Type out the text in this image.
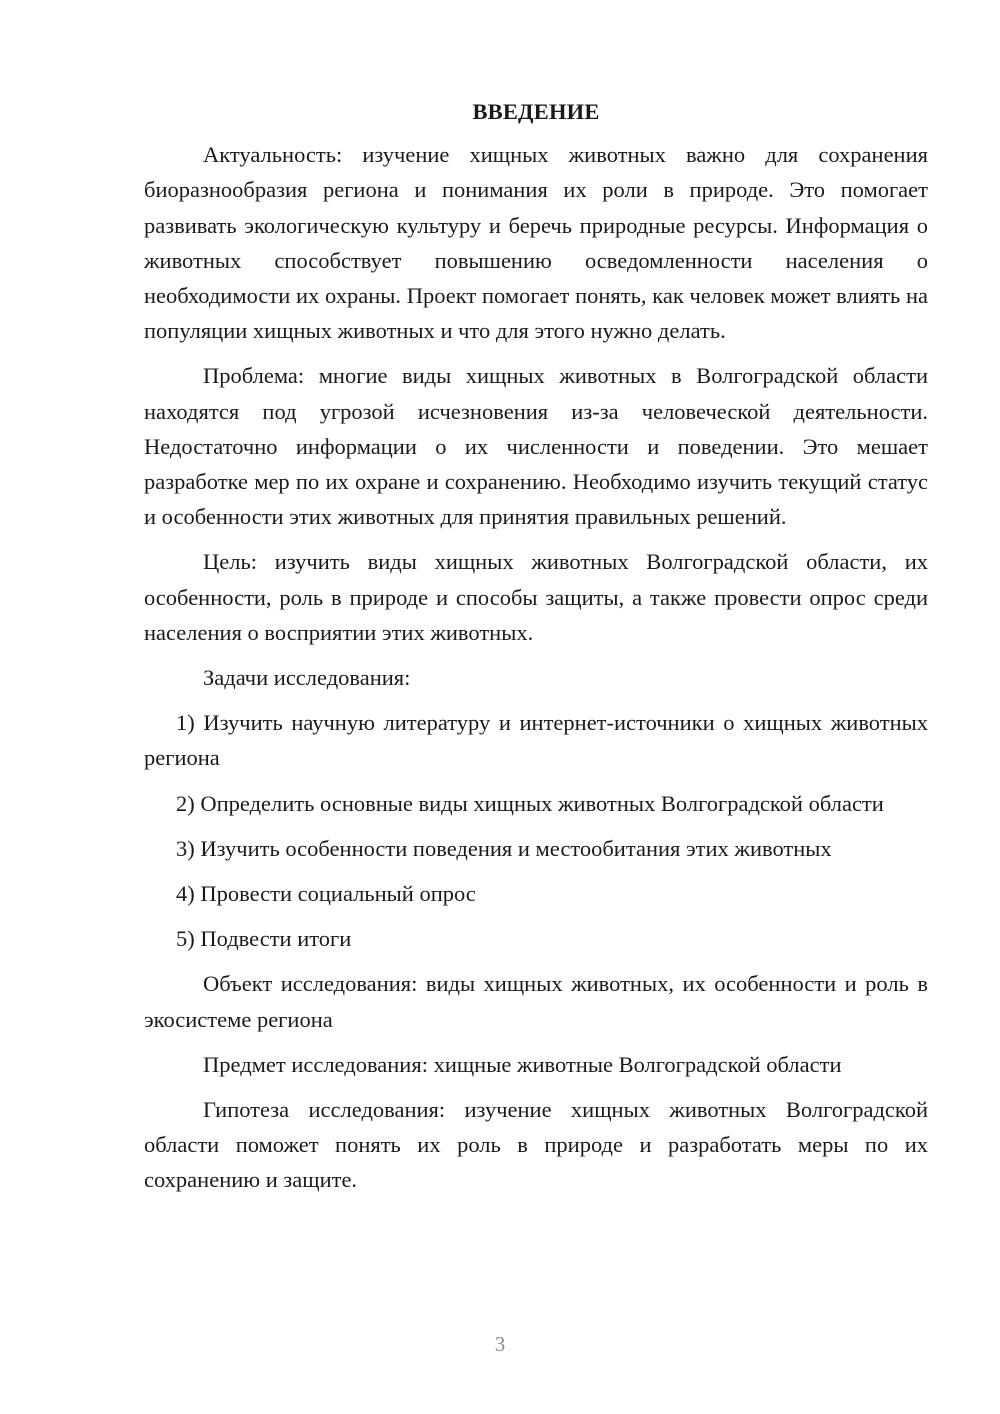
ВВЕДЕНИЕ

Актуальность: изучение хищных животных важно для сохранения биоразнообразия региона и понимания их роли в природе. Это помогает развивать экологическую культуру и беречь природные ресурсы. Информация о животных способствует повышению осведомленности населения о необходимости их охраны. Проект помогает понять, как человек может влиять на популяции хищных животных и что для этого нужно делать.

Проблема: многие виды хищных животных в Волгоградской области находятся под угрозой исчезновения из-за человеческой деятельности. Недостаточно информации о их численности и поведении. Это мешает разработке мер по их охране и сохранению. Необходимо изучить текущий статус и особенности этих животных для принятия правильных решений.

Цель: изучить виды хищных животных Волгоградской области, их особенности, роль в природе и способы защиты, а также провести опрос среди населения о восприятии этих животных.

Задачи исследования:

1) Изучить научную литературу и интернет-источники о хищных животных региона

2) Определить основные виды хищных животных Волгоградской области

3) Изучить особенности поведения и местообитания этих животных

4) Провести социальный опрос

5) Подвести итоги

Объект исследования: виды хищных животных, их особенности и роль в экосистеме региона

Предмет исследования: хищные животные Волгоградской области

Гипотеза исследования: изучение хищных животных Волгоградской области поможет понять их роль в природе и разработать меры по их сохранению и защите.

3
